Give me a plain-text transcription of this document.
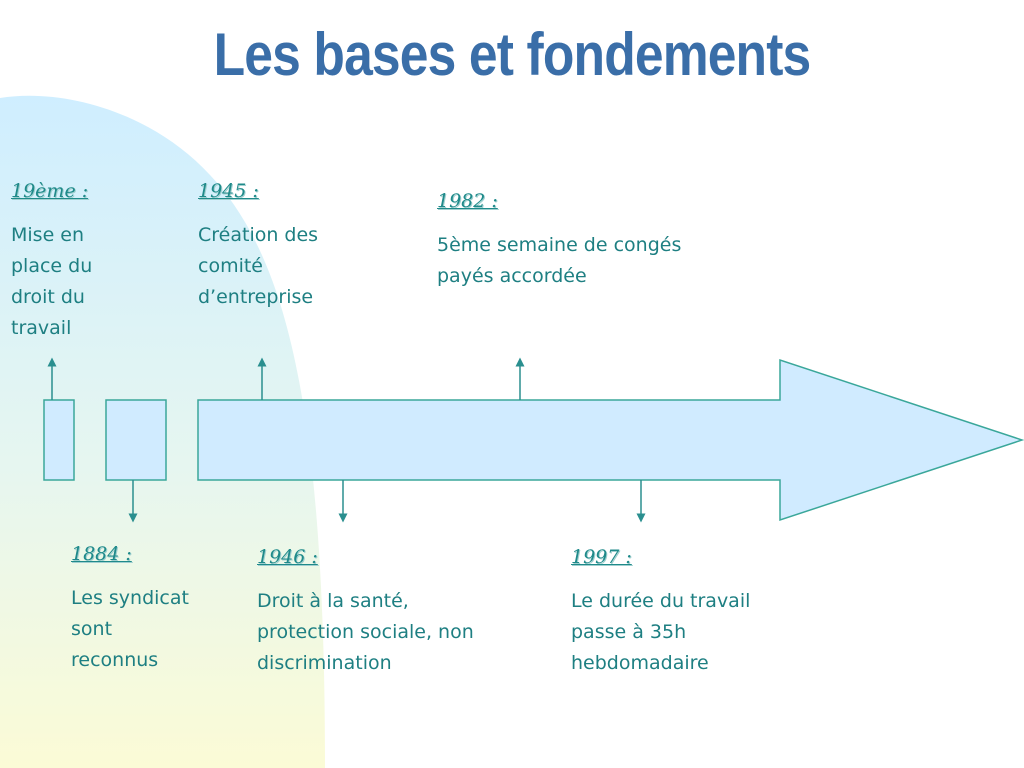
Les bases et fondements
19ème :
Mise en
place du
droit du
travail
1884 :
Les syndicat
sont
reconnus
1945 :
Création des
comité
d’entreprise
1946 :
Droit à la santé,
protection sociale, non
discrimination
1982 :
5ème semaine de congés
payés accordée
1997 :
Le durée du travail
passe à 35h
hebdomadaire
